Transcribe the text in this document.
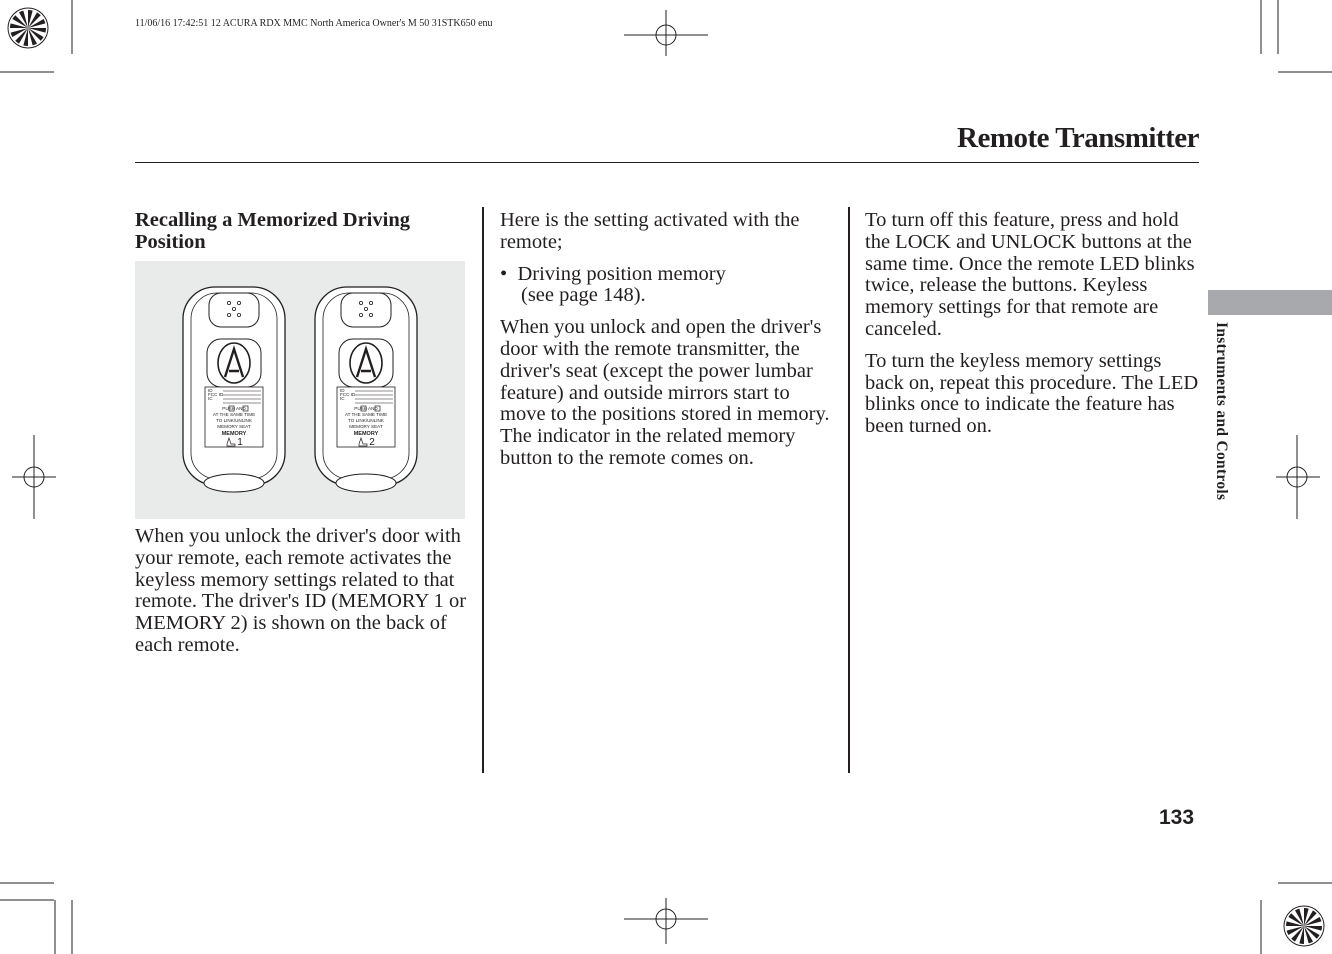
11/06/16 17:42:51 12 ACURA RDX MMC North America Owner's M 50 31STK650 enu
Remote Transmitter

Recalling a Memorized Driving Position

ID
FCC ID
IC
PUSH AND
AT THE SAME TIME
TO LINK/UNLINK
MEMORY SEAT
MEMORY
1
ID
FCC ID
IC
PUSH AND
AT THE SAME TIME
TO LINK/UNLINK
MEMORY SEAT
MEMORY
2

When you unlock the driver's door with your remote, each remote activates the keyless memory settings related to that remote. The driver's ID (MEMORY 1 or MEMORY 2) is shown on the back of each remote.

Here is the setting activated with the remote;

•  Driving position memory
(see page 148).

When you unlock and open the driver's door with the remote transmitter, the driver's seat (except the power lumbar feature) and outside mirrors start to move to the positions stored in memory. The indicator in the related memory button to the remote comes on.

To turn off this feature, press and hold the LOCK and UNLOCK buttons at the same time. Once the remote LED blinks twice, release the buttons. Keyless memory settings for that remote are canceled.

To turn the keyless memory settings back on, repeat this procedure. The LED blinks once to indicate the feature has been turned on.	Instruments and Controls
133
